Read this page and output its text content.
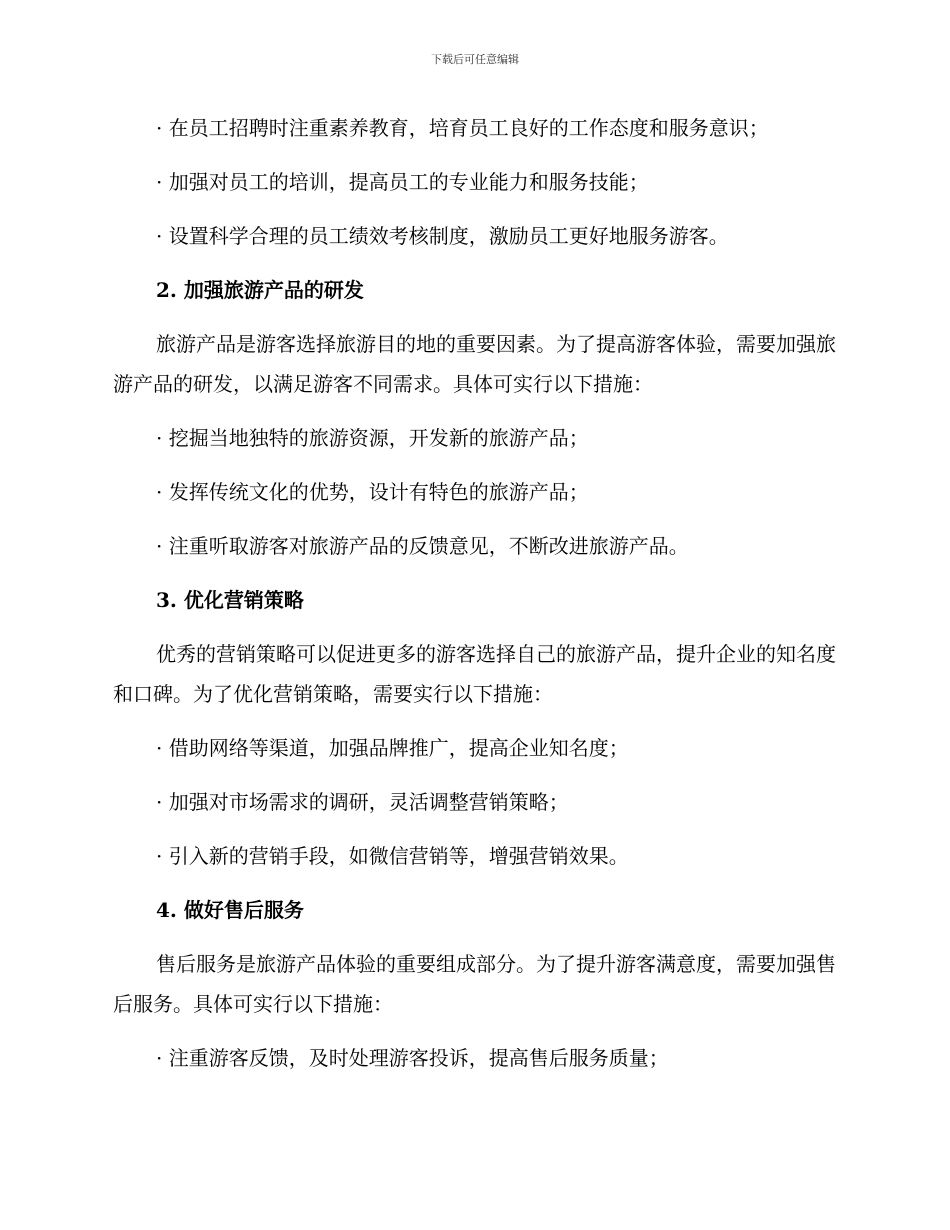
下载后可任意编辑
· 在员工招聘时注重素养教育，培育员工良好的工作态度和服务意识；
· 加强对员工的培训，提高员工的专业能力和服务技能；
· 设置科学合理的员工绩效考核制度，激励员工更好地服务游客。
2. 加强旅游产品的研发
旅游产品是游客选择旅游目的地的重要因素。为了提高游客体验，需要加强旅游产品的研发，以满足游客不同需求。具体可实行以下措施：
· 挖掘当地独特的旅游资源，开发新的旅游产品；
· 发挥传统文化的优势，设计有特色的旅游产品；
· 注重听取游客对旅游产品的反馈意见，不断改进旅游产品。
3. 优化营销策略
优秀的营销策略可以促进更多的游客选择自己的旅游产品，提升企业的知名度和口碑。为了优化营销策略，需要实行以下措施：
· 借助网络等渠道，加强品牌推广，提高企业知名度；
· 加强对市场需求的调研，灵活调整营销策略；
· 引入新的营销手段，如微信营销等，增强营销效果。
4. 做好售后服务
售后服务是旅游产品体验的重要组成部分。为了提升游客满意度，需要加强售后服务。具体可实行以下措施：
· 注重游客反馈，及时处理游客投诉，提高售后服务质量；
